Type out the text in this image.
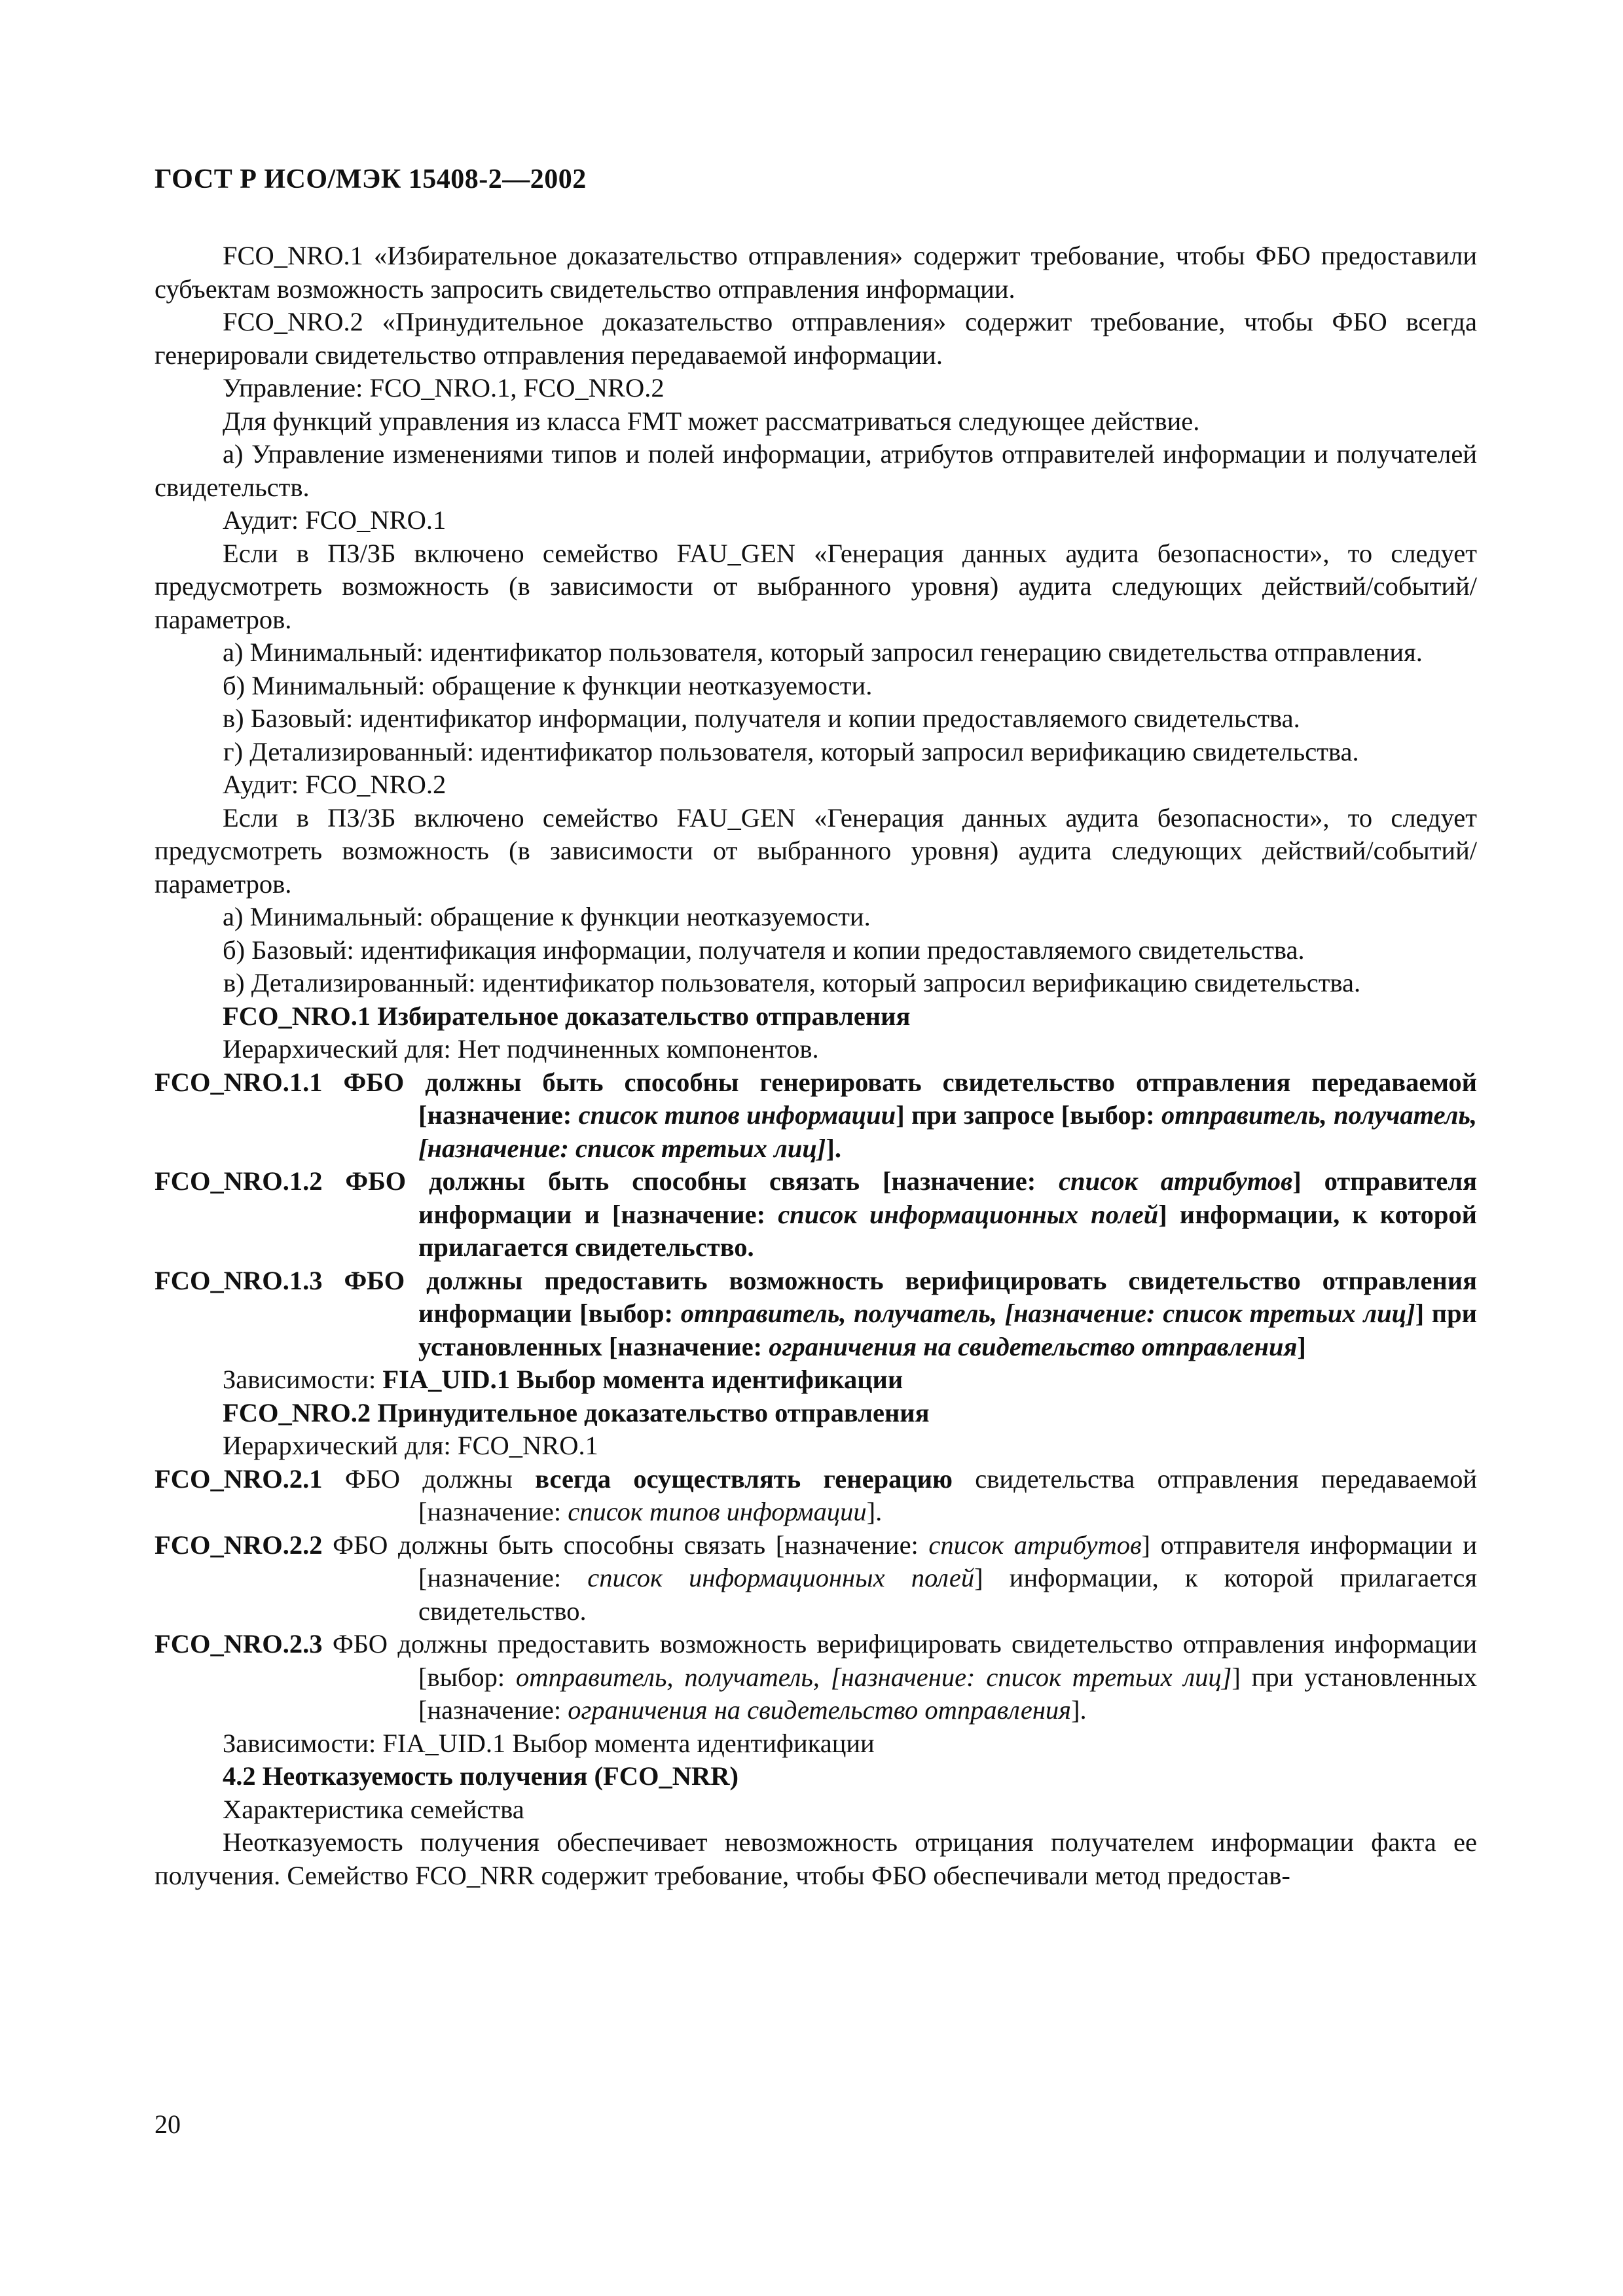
ГОСТ Р ИСО/МЭК 15408-2—2002

FCO_NRO.1 «Избирательное доказательство отправления» содержит требование, чтобы ФБО предоставили субъектам возможность запросить свидетельство отправления информации.

FCO_NRO.2 «Принудительное доказательство отправления» содержит требование, чтобы ФБО всегда генерировали свидетельство отправления передаваемой информации.

Управление: FCO_NRO.1, FCO_NRO.2

Для функций управления из класса FMT может рассматриваться следующее действие.

а) Управление изменениями типов и полей информации, атрибутов отправителей информации и получателей свидетельств.

Аудит: FCO_NRO.1

Если в ПЗ/ЗБ включено семейство FAU_GEN «Генерация данных аудита безопасности», то следует предусмотреть возможность (в зависимости от выбранного уровня) аудита следующих действий/событий/параметров.

а) Минимальный: идентификатор пользователя, который запросил генерацию свидетельства отправления.

б) Минимальный: обращение к функции неотказуемости.

в) Базовый: идентификатор информации, получателя и копии предоставляемого свидетельства.

г) Детализированный: идентификатор пользователя, который запросил верификацию свидетельства.

Аудит: FCO_NRO.2

Если в ПЗ/ЗБ включено семейство FAU_GEN «Генерация данных аудита безопасности», то следует предусмотреть возможность (в зависимости от выбранного уровня) аудита следующих действий/событий/параметров.

а) Минимальный: обращение к функции неотказуемости.

б) Базовый: идентификация информации, получателя и копии предоставляемого свидетельства.

в) Детализированный: идентификатор пользователя, который запросил верификацию свидетельства.

FCO_NRO.1 Избирательное доказательство отправления

Иерархический для: Нет подчиненных компонентов.

FCO_NRO.1.1 ФБО должны быть способны генерировать свидетельство отправления передаваемой [назначение: список типов информации] при запросе [выбор: отправитель, получатель, [назначение: список третьих лиц]].

FCO_NRO.1.2 ФБО должны быть способны связать [назначение: список атрибутов] отправителя информации и [назначение: список информационных полей] информации, к которой прилагается свидетельство.

FCO_NRO.1.3 ФБО должны предоставить возможность верифицировать свидетельство отправления информации [выбор: отправитель, получатель, [назначение: список третьих лиц]] при установленных [назначение: ограничения на свидетельство отправления]

Зависимости: FIA_UID.1 Выбор момента идентификации

FCO_NRO.2 Принудительное доказательство отправления

Иерархический для: FCO_NRO.1

FCO_NRO.2.1 ФБО должны всегда осуществлять генерацию свидетельства отправления передаваемой [назначение: список типов информации].

FCO_NRO.2.2 ФБО должны быть способны связать [назначение: список атрибутов] отправителя информации и [назначение: список информационных полей] информации, к которой прилагается свидетельство.

FCO_NRO.2.3 ФБО должны предоставить возможность верифицировать свидетельство отправления информации [выбор: отправитель, получатель, [назначение: список третьих лиц]] при установленных [назначение: ограничения на свидетельство отправления].

Зависимости: FIA_UID.1 Выбор момента идентификации

4.2 Неотказуемость получения (FCO_NRR)

Характеристика семейства

Неотказуемость получения обеспечивает невозможность отрицания получателем информации факта ее получения. Семейство FCO_NRR содержит требование, чтобы ФБО обеспечивали метод предостав-

20
